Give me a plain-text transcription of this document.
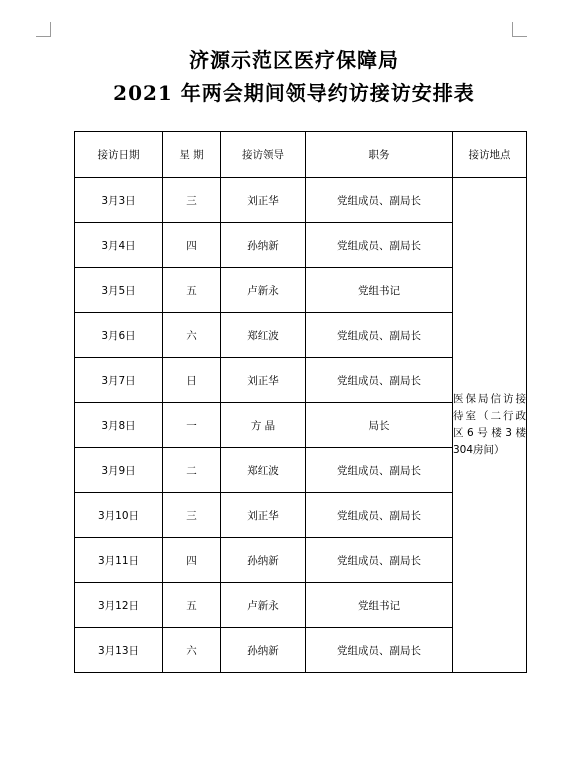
济源示范区医疗保障局
2021 年两会期间领导约访接访安排表
接访日期	星 期	接访领导	职务	接访地点
3月3日	三	刘正华	党组成员、副局长	医保局信访接待室（二行政区6号楼3楼304房间）

3月4日	四	孙纳新	党组成员、副局长	
3月5日	五	卢新永	党组书记	
3月6日	六	郑红波	党组成员、副局长	
3月7日	日	刘正华	党组成员、副局长	
3月8日	一	方 晶	局长	
3月9日	二	郑红波	党组成员、副局长	
3月10日	三	刘正华	党组成员、副局长	
3月11日	四	孙纳新	党组成员、副局长	
3月12日	五	卢新永	党组书记	
3月13日	六	孙纳新	党组成员、副局长	
